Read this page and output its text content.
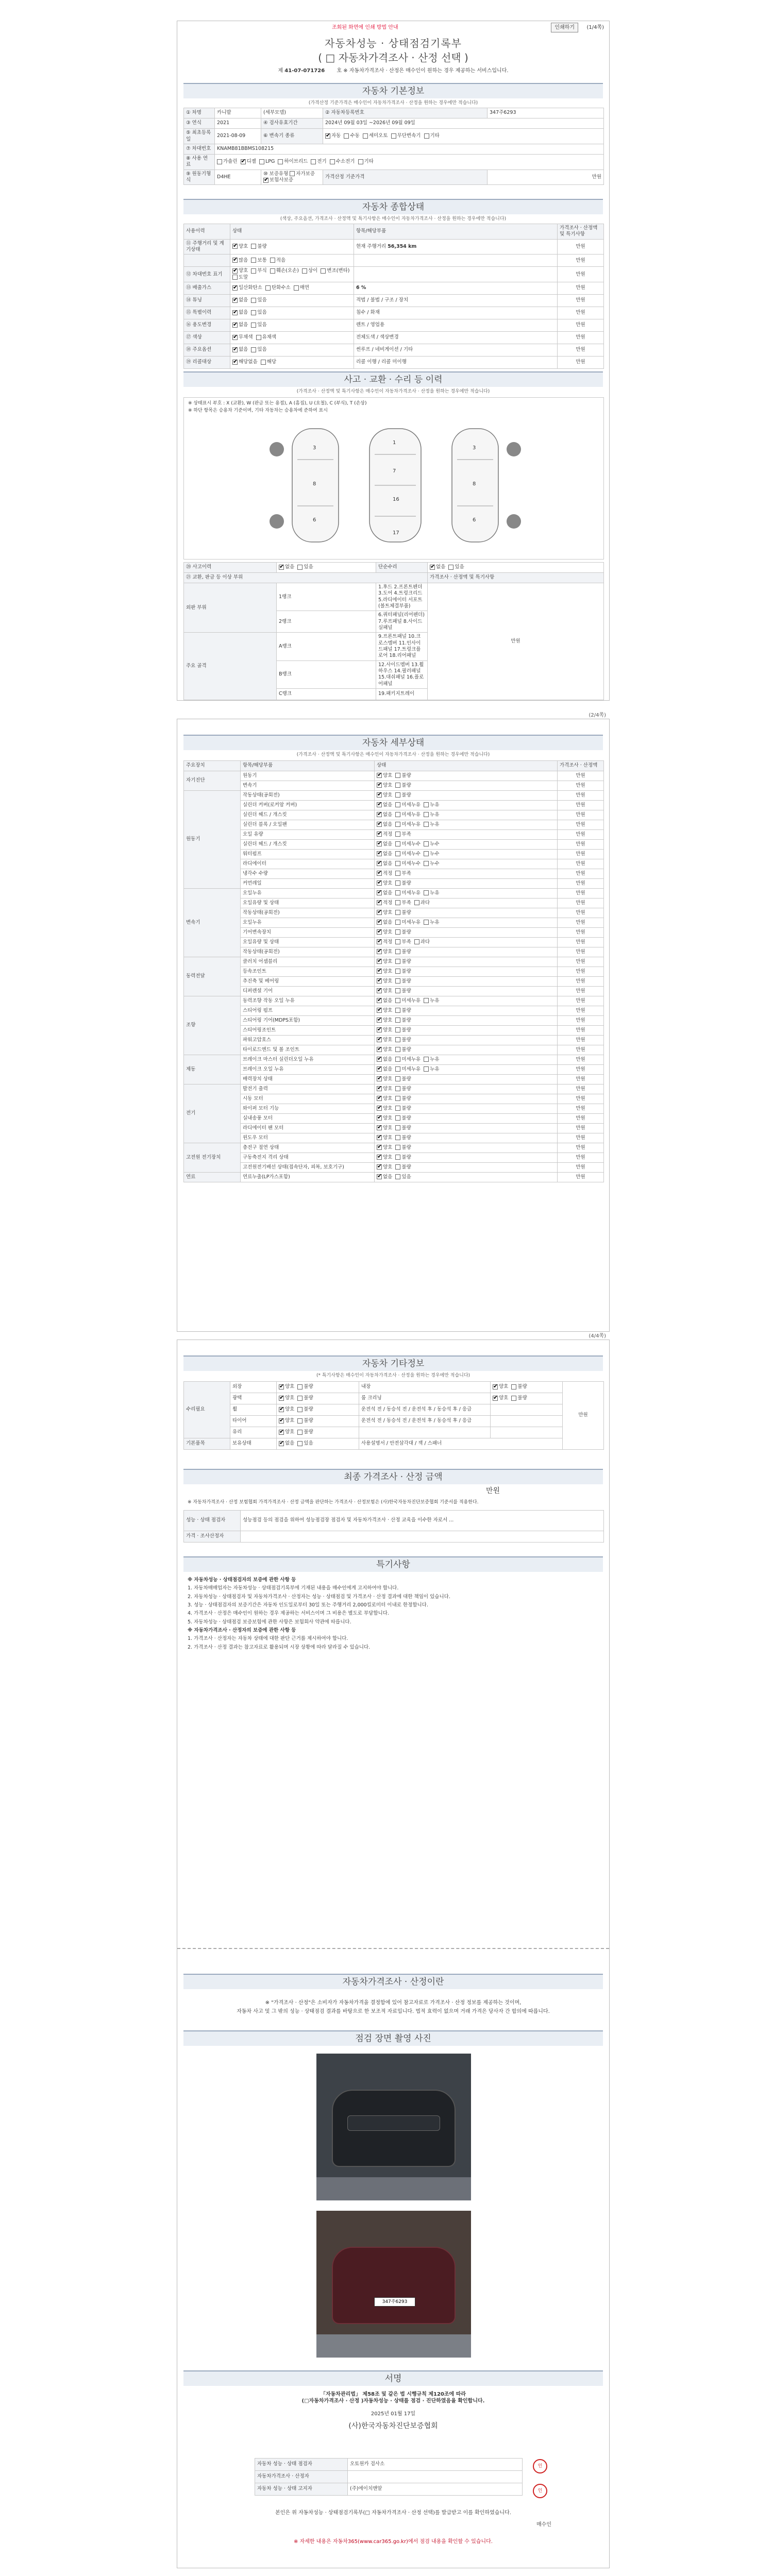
조회된 화면에 인쇄 방법 안내	인쇄하기	(1/4쪽)
자동차성능 · 상태점검기록부
( □ 자동차가격조사 · 산정 선택 )
제 41-07-071726 호 ※ 자동차가격조사 · 산정은 매수인이 원하는 경우 제공하는 서비스입니다.
자동차 기본정보
(가격산정 기준가격은 매수인이 자동차가격조사 · 산정을 원하는 경우에만 적습니다)
① 차명	카니발	(세부모델)	② 자동차등록번호	347주6293
③ 연식	2021	④ 검사유효기간	2024년 09월 03일 ~2026년 09월 09일	
⑤ 최초등록일	2021-08-09	⑥ 변속기 종류	✔자동 수동 세미오토 무단변속기 기타
⑦ 차대번호	KNAMB81BBMS108215			
⑧ 사용 연료	가솔린 ✔ 디젤 LPG 하이브리드 전기 수소전기 기타
⑨ 원동기형식	D4HE	⑩ 보증유형 자가보증 ✔보험사보증	가격산정 기준가격	만원
자동차 종합상태
(색상, 주요옵션, 가격조사 · 산정액 및 특기사항은 매수인이 자동차가격조사 · 산정을 원하는 경우에만 적습니다)
사용이력	상태	항목/해당부품	가격조사 · 산정액 및 특기사항
⑪ 주행거리 및 계기상태	✔양호 불량	현재 주행거리 56,354 km	만원
	✔많음 보통 적음		만원
⑫ 차대번호 표기	✔양호 부식 훼손(오손) 상이 변조(변타)  도말		만원
⑬ 배출가스	✔일산화탄소 탄화수소 매연	6 %	만원
⑭ 튜닝	✔없음 있음	적법 / 불법 / 구조 / 장치	만원
⑮ 특별이력	✔없음 있음	침수 / 화재	만원
⑯ 용도변경	✔없음 있음	렌트 / 영업용	만원
⑰ 색상	✔무채색 유채색	전체도색 / 색상변경	만원
⑱ 주요옵션	✔없음 있음	썬루프 / 네비게이션 / 기타	만원
⑲ 리콜대상	✔해당없음 해당	리콜 이행 / 리콜 미이행	만원
사고 · 교환 · 수리 등 이력
(가격조사 · 산정액 및 특기사항은 매수인이 자동차가격조사 · 산정을 원하는 경우에만 적습니다)
※ 상태표시 부호 : X (교환), W (판금 또는 용접), A (흠집), U (요철), C (부식), T (손상)
※ 하단 항목은 승용차 기준이며, 기타 자동차는 승용차에 준하여 표시
3
8
6
1
7
16
17
3
8
6
⑳ 사고이력	✔없음 있음	단순수리	✔없음 있음
㉑ 교환, 판금 등 이상 부위			가격조사 · 산정액 및 특기사항
외판 부위	1랭크	1.후드 2.프론트펜더 3.도어 4.트렁크리드
5.라디에이터 서포트(볼트체결부품)	만원
	2랭크	6.쿼터패널(리어펜더) 7.루프패널 8.사이드실패널	
주요 골격	A랭크	9.프론트패널 10.크로스멤버 11.인사이드패널 17.트렁크플로어 18.리어패널	
	B랭크	12.사이드멤버 13.휠하우스 14.필러패널 15.대쉬패널 16.플로어패널	
	C랭크	19.패키지트레이	
(2/4쪽)
자동차 세부상태
(가격조사 · 산정액 및 특기사항은 매수인이 자동차가격조사 · 산정을 원하는 경우에만 적습니다)
주요장치	항목/해당부품	상태	가격조사 · 산정액
자기진단	원동기	✔양호 불량	만원
	변속기	✔양호 불량	만원
원동기	작동상태(공회전)	✔양호 불량	만원
	실린더 커버(로커암 커버)	✔없음 미세누유 누유	만원
	실린더 헤드 / 개스킷	✔없음 미세누유 누유	만원
	실린더 블록 / 오일팬	✔없음 미세누유 누유	만원
	오일 유량	✔적정 부족	만원
	실린더 헤드 / 개스킷	✔없음 미세누수 누수	만원
	워터펌프	✔없음 미세누수 누수	만원
	라디에이터	✔없음 미세누수 누수	만원
	냉각수 수량	✔적정 부족	만원
	커먼레일	✔양호 불량	만원
변속기	오일누유	✔없음 미세누유 누유	만원
	오일유량 및 상태	✔적정 부족 과다	만원
	작동상태(공회전)	✔양호 불량	만원
	오일누유	✔없음 미세누유 누유	만원
	기어변속장치	✔양호 불량	만원
	오일유량 및 상태	✔적정 부족 과다	만원
	작동상태(공회전)	✔양호 불량	만원
동력전달	클러치 어셈블리	✔양호 불량	만원
	등속조인트	✔양호 불량	만원
	추진축 및 베어링	✔양호 불량	만원
	디퍼렌셜 기어	✔양호 불량	만원
조향	동력조향 작동 오일 누유	✔없음 미세누유 누유	만원
	스티어링 펌프	✔양호 불량	만원
	스티어링 기어(MDPS포함)	✔양호 불량	만원
	스티어링조인트	✔양호 불량	만원
	파워고압호스	✔양호 불량	만원
	타이로드엔드 및 볼 조인트	✔양호 불량	만원
제동	브레이크 마스터 실린더오일 누유	✔없음 미세누유 누유	만원
	브레이크 오일 누유	✔없음 미세누유 누유	만원
	배력장치 상태	✔양호 불량	만원
전기	발전기 출력	✔양호 불량	만원
	시동 모터	✔양호 불량	만원
	와이퍼 모터 기능	✔양호 불량	만원
	실내송풍 모터	✔양호 불량	만원
	라디에이터 팬 모터	✔양호 불량	만원
	윈도우 모터	✔양호 불량	만원
고전원 전기장치	충전구 절연 상태	✔양호 불량	만원
	구동축전지 격리 상태	✔양호 불량	만원
	고전원전기배선 상태(접속단자, 피복, 보호기구)	✔양호 불량	만원
연료	연료누출(LP가스포함)	✔없음 있음	만원
(4/4쪽)
자동차 기타정보
(* 특기사항은 매수인이 자동차가격조사 · 산정을 원하는 경우에만 적습니다)
수리필요	외장	✔양호 불량	내장	✔양호 불량	만원
	광택	✔양호 불량	룸 크리닝	✔양호 불량
	휠	✔양호 불량	운전석 전 / 동승석 전 / 운전석 후 / 동승석 후 / 응급		
	타이어	✔양호 불량	운전석 전 / 동승석 전 / 운전석 후 / 동승석 후 / 응급		
	유리	✔양호 불량		
기본품목	보유상태	✔없음 있음	사용설명서 / 안전삼각대 / 잭 / 스패너		
최종 가격조사 · 산정 금액
만원
※ 자동차가격조사 · 산정 보험협회 가격가격조사 · 산정 금액을 판단하는 가격조사 · 산정보험은 (사)한국자동차진단보증협회 기준서를 적용한다.
성능 · 상태 점검자	성능점검 등의 점검을 위하여 성능점검장 점검자 및 자동차가격조사 · 산정 교육을 이수한 자로서 ...
가격 · 조사산정자	
특기사항

※ 자동차성능 · 상태점검자의 보증에 관한 사항 등

1. 자동차매매업자는 자동차성능 · 상태점검기록부에 기재된 내용을 매수인에게 고지하여야 합니다.

2. 자동차성능 · 상태점검자 및 자동차가격조사 · 산정자는 성능 · 상태점검 및 가격조사 · 산정 결과에 대한 책임이 있습니다.

3. 성능 · 상태점검자의 보증기간은 자동차 인도일로부터 30일 또는 주행거리 2,000킬로미터 이내로 한정합니다.

4. 가격조사 · 산정은 매수인이 원하는 경우 제공하는 서비스이며 그 비용은 별도로 부담합니다.

5. 자동차성능 · 상태점검 보증보험에 관한 사항은 보험회사 약관에 따릅니다.

※ 자동차가격조사 · 산정자의 보증에 관한 사항 등

1. 가격조사 · 산정자는 자동차 상태에 대한 판단 근거를 제시하여야 합니다.

2. 가격조사 · 산정 결과는 참고자료로 활용되며 시장 상황에 따라 달라질 수 있습니다.

자동차가격조사 · 산정이란

※ "가격조사 · 산정"은 소비자가 자동차가격을 결정함에 있어 참고자료로 가격조사 · 산정 정보를 제공하는 것이며,

자동차 사고 및 그 밖의 성능 · 상태점검 결과를 바탕으로 한 보조적 자료입니다. 법적 효력이 없으며 거래 가격은 당사자 간 합의에 따릅니다.

점검 장면 촬영 사진
347주6293
서명

「자동차관리법」 제58조 및 같은 법 시행규칙 제120조에 따라

(□자동차가격조사 · 산정 )자동차성능 · 상태를 점검 · 진단하였음을 확인합니다.

2025년 01월 17일

(사)한국자동차진단보증협회

자동차 성능 · 상태 점검자	오토원카 검사소
자동차가격조사 · 산정자	
자동차 성능 · 상태 고지자	(주)에이치앤알
인
인

본인은 위 자동차성능 · 상태점검기록부(□ 자동차가격조사 · 산정 선택)를 발급받고 이를 확인하였습니다.

매수인

※ 자세한 내용은 자동차365(www.car365.go.kr)에서 점검 내용을 확인할 수 있습니다.
